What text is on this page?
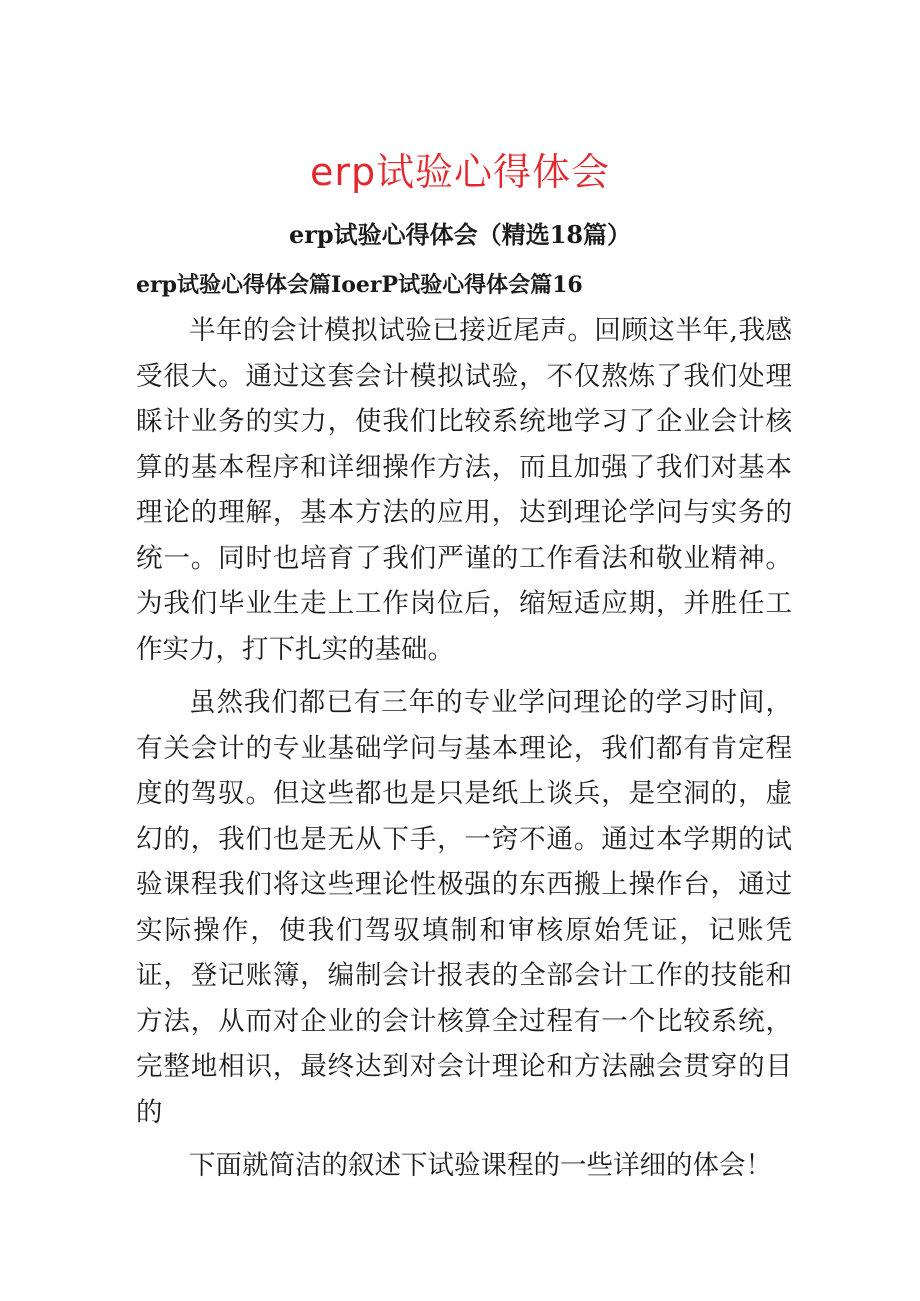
erp试验心得体会
erp试验心得体会（精选18篇）
erp试验心得体会篇IoerP试验心得体会篇16

半年的会计模拟试验已接近尾声。回顾这半年,我感受很大。通过这套会计模拟试验，不仅熬炼了我们处理睬计业务的实力，使我们比较系统地学习了企业会计核算的基本程序和详细操作方法，而且加强了我们对基本理论的理解，基本方法的应用，达到理论学问与实务的统一。同时也培育了我们严谨的工作看法和敬业精神。为我们毕业生走上工作岗位后，缩短适应期，并胜任工作实力，打下扎实的基础。

虽然我们都已有三年的专业学问理论的学习时间，有关会计的专业基础学问与基本理论，我们都有肯定程度的驾驭。但这些都也是只是纸上谈兵，是空洞的，虚幻的，我们也是无从下手，一窍不通。通过本学期的试验课程我们将这些理论性极强的东西搬上操作台，通过实际操作，使我们驾驭填制和审核原始凭证，记账凭证，登记账簿，编制会计报表的全部会计工作的技能和方法，从而对企业的会计核算全过程有一个比较系统，完整地相识，最终达到对会计理论和方法融会贯穿的目的

下面就简洁的叙述下试验课程的一些详细的体会！
